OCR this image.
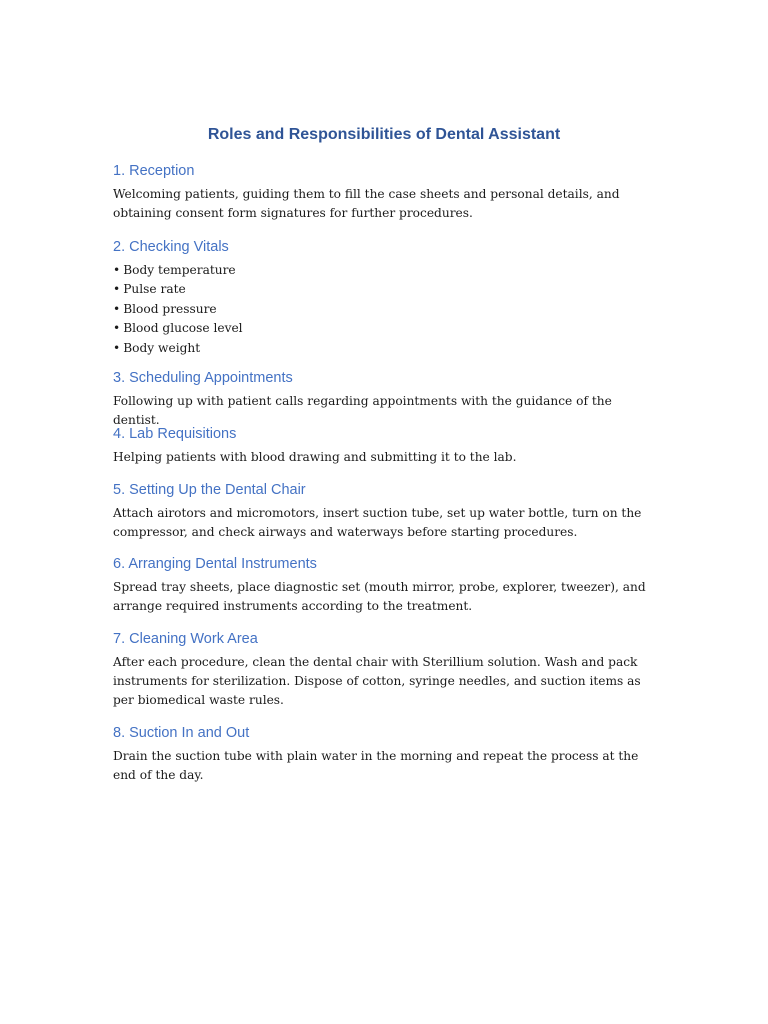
Roles and Responsibilities of Dental Assistant
1. Reception

Welcoming patients, guiding them to fill the case sheets and personal details, and obtaining consent form signatures for further procedures.

2. Checking Vitals
• Body temperature
• Pulse rate
• Blood pressure
• Blood glucose level
• Body weight
3. Scheduling Appointments

Following up with patient calls regarding appointments with the guidance of the dentist.

4. Lab Requisitions

Helping patients with blood drawing and submitting it to the lab.

5. Setting Up the Dental Chair

Attach airotors and micromotors, insert suction tube, set up water bottle, turn on the compressor, and check airways and waterways before starting procedures.

6. Arranging Dental Instruments

Spread tray sheets, place diagnostic set (mouth mirror, probe, explorer, tweezer), and arrange required instruments according to the treatment.

7. Cleaning Work Area

After each procedure, clean the dental chair with Sterillium solution. Wash and pack instruments for sterilization. Dispose of cotton, syringe needles, and suction items as per biomedical waste rules.

8. Suction In and Out

Drain the suction tube with plain water in the morning and repeat the process at the end of the day.
